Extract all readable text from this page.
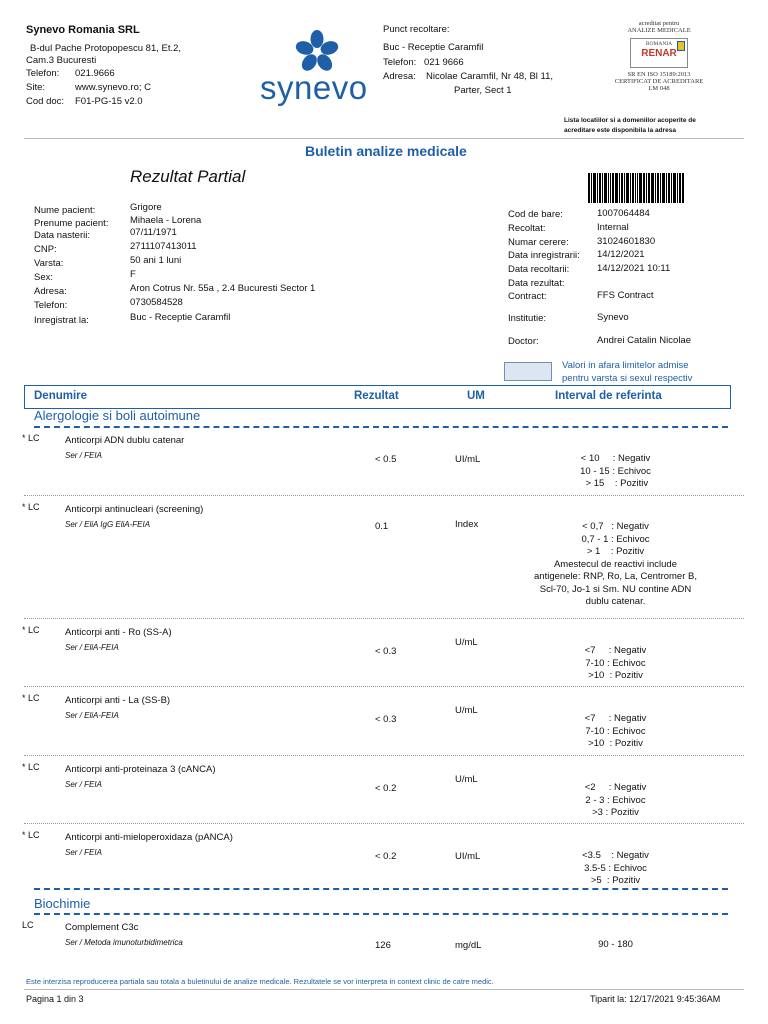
Synevo Romania SRL
B-dul Pache Protopopescu 81, Et.2,
Cam.3 Bucuresti
Telefon: 021.9666
Site:	www.synevo.ro; C
Cod doc: F01-PG-15 v2.0	synevo
Punct recoltare:
Buc - Receptie Caramfil
Telefon: 021 9666
Adresa: Nicolae Caramfil, Nr 48, Bl 11,
Parter, Sect 1
acreditat pentru
ANALIZE MEDICALE
ROMANIA
RENAR
SR EN ISO 15189:2013
CERTIFICAT DE ACREDITARE
LM 048
Lista locatiilor si a domeniilor acoperite de
acreditare este disponibila la adresa
Buletin analize medicale
Rezultat Partial
Nume pacient:	Grigore
Prenume pacient: Mihaela - Lorena
Data nasterii:	07/11/1971
CNP:	2711107413011
Varsta:	50 ani 1 luni
Sex:	F
Adresa:	Aron Cotrus Nr. 55a , 2.4 Bucuresti Sector 1
Telefon:	0730584528
Inregistrat la:	Buc - Receptie Caramfil
Cod de bare:	1007064484
Recoltat:	Internal
Numar cerere:	31024601830
Data inregistrarii: 14/12/2021
Data recoltarii:	14/12/2021 10:11
Data rezultat:
Contract:	FFS Contract
Institutie:	Synevo
Doctor:	Andrei Catalin Nicolae
Valori in afara limitelor admise
pentru varsta si sexul respectiv
Denumire	Rezultat	UM	Interval de referinta
Alergologie si boli autoimune
* LC	Anticorpi ADN dublu catenar
Ser / FEIA	< 0.5	UI/mL	< 10     : Negativ
10 - 15 : Echivoc
> 15    : Pozitiv
* LC	Anticorpi antinucleari (screening)
Ser / EliA IgG EliA-FEIA	0.1	Index	< 0,7   : Negativ
0,7 - 1 : Echivoc
> 1    : Pozitiv
Amestecul de reactivi include
antigenele: RNP, Ro, La, Centromer B,
Scl-70, Jo-1 si Sm. NU contine ADN
dublu catenar.
* LC	Anticorpi anti - Ro (SS-A)
Ser / EliA-FEIA	< 0.3
U/mL
<7     : Negativ
7-10 : Echivoc
>10  : Pozitiv
* LC	Anticorpi anti - La (SS-B)
Ser / EliA-FEIA	< 0.3
U/mL
<7     : Negativ
7-10 : Echivoc
>10  : Pozitiv
* LC	Anticorpi anti-proteinaza 3 (cANCA)
Ser / FEIA	< 0.2
U/mL
<2     : Negativ
2 - 3 : Echivoc
>3 : Pozitiv
* LC	Anticorpi anti-mieloperoxidaza (pANCA)
Ser / FEIA	< 0.2	UI/mL	<3.5    : Negativ
3.5-5 : Echivoc
>5  : Pozitiv
LC	Complement C3c
Ser / Metoda imunoturbidimetrica	126	mg/dL	90 - 180
Biochimie
Este interzisa reproducerea partiala sau totala a buletinului de analize medicale. Rezultatele se vor interpreta in context clinic de catre medic.
Pagina 1 din 3	Tiparit la: 12/17/2021 9:45:36AM
